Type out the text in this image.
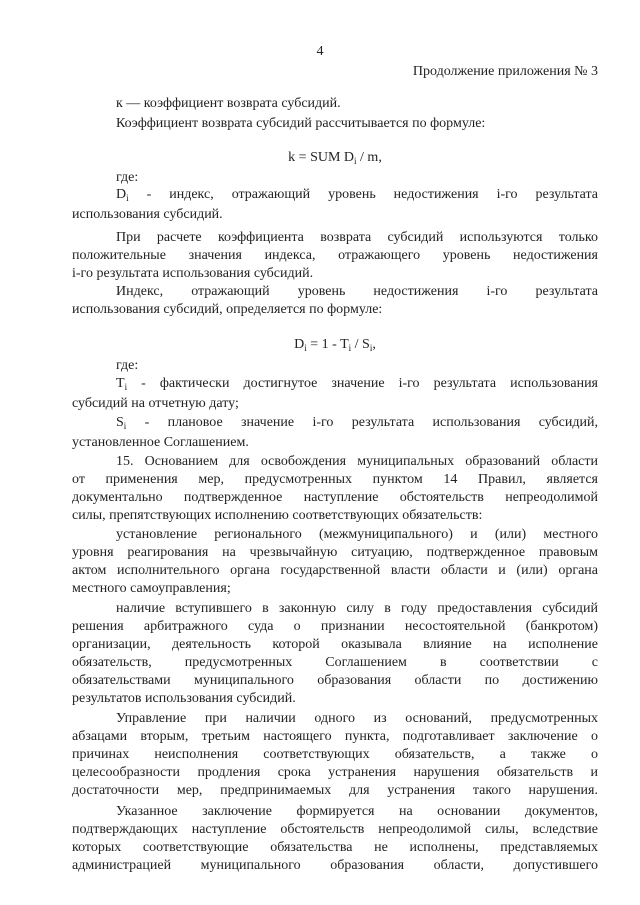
4
Продолжение приложения № 3
к — коэффициент возврата субсидий.
Коэффициент возврата субсидий рассчитывается по формуле:
k = SUM $D_i$ / m,
где:
$D_i$ - индекс, отражающий уровень недостижения i-го результата
использования субсидий.
При расчете коэффициента возврата субсидий используются только
положительные значения индекса, отражающего уровень недостижения
i-го результата использования субсидий.
Индекс, отражающий уровень недостижения i-го результата
использования субсидий, определяется по формуле:
$D_i = 1 - T_i / S_i$,
где:
$T_i$ - фактически достигнутое значение i-го результата использования
субсидий на отчетную дату;
$S_i$ - плановое значение i-го результата использования субсидий,
установленное Соглашением.
15. Основанием для освобождения муниципальных образований области
от применения мер, предусмотренных пунктом 14 Правил, является
документально подтвержденное наступление обстоятельств непреодолимой
силы, препятствующих исполнению соответствующих обязательств:
установление регионального (межмуниципального) и (или) местного
уровня реагирования на чрезвычайную ситуацию, подтвержденное правовым
актом исполнительного органа государственной власти области и (или) органа
местного самоуправления;
наличие вступившего в законную силу в году предоставления субсидий
решения арбитражного суда о признании несостоятельной (банкротом)
организации, деятельность которой оказывала влияние на исполнение
обязательств, предусмотренных Соглашением в соответствии с
обязательствами муниципального образования области по достижению
результатов использования субсидий.
Управление при наличии одного из оснований, предусмотренных
абзацами вторым, третьим настоящего пункта, подготавливает заключение о
причинах неисполнения соответствующих обязательств, а также о
целесообразности продления срока устранения нарушения обязательств и
достаточности мер, предпринимаемых для устранения такого нарушения.
Указанное заключение формируется на основании документов,
подтверждающих наступление обстоятельств непреодолимой силы, вследствие
которых соответствующие обязательства не исполнены, представляемых
администрацией муниципального образования области, допустившего
